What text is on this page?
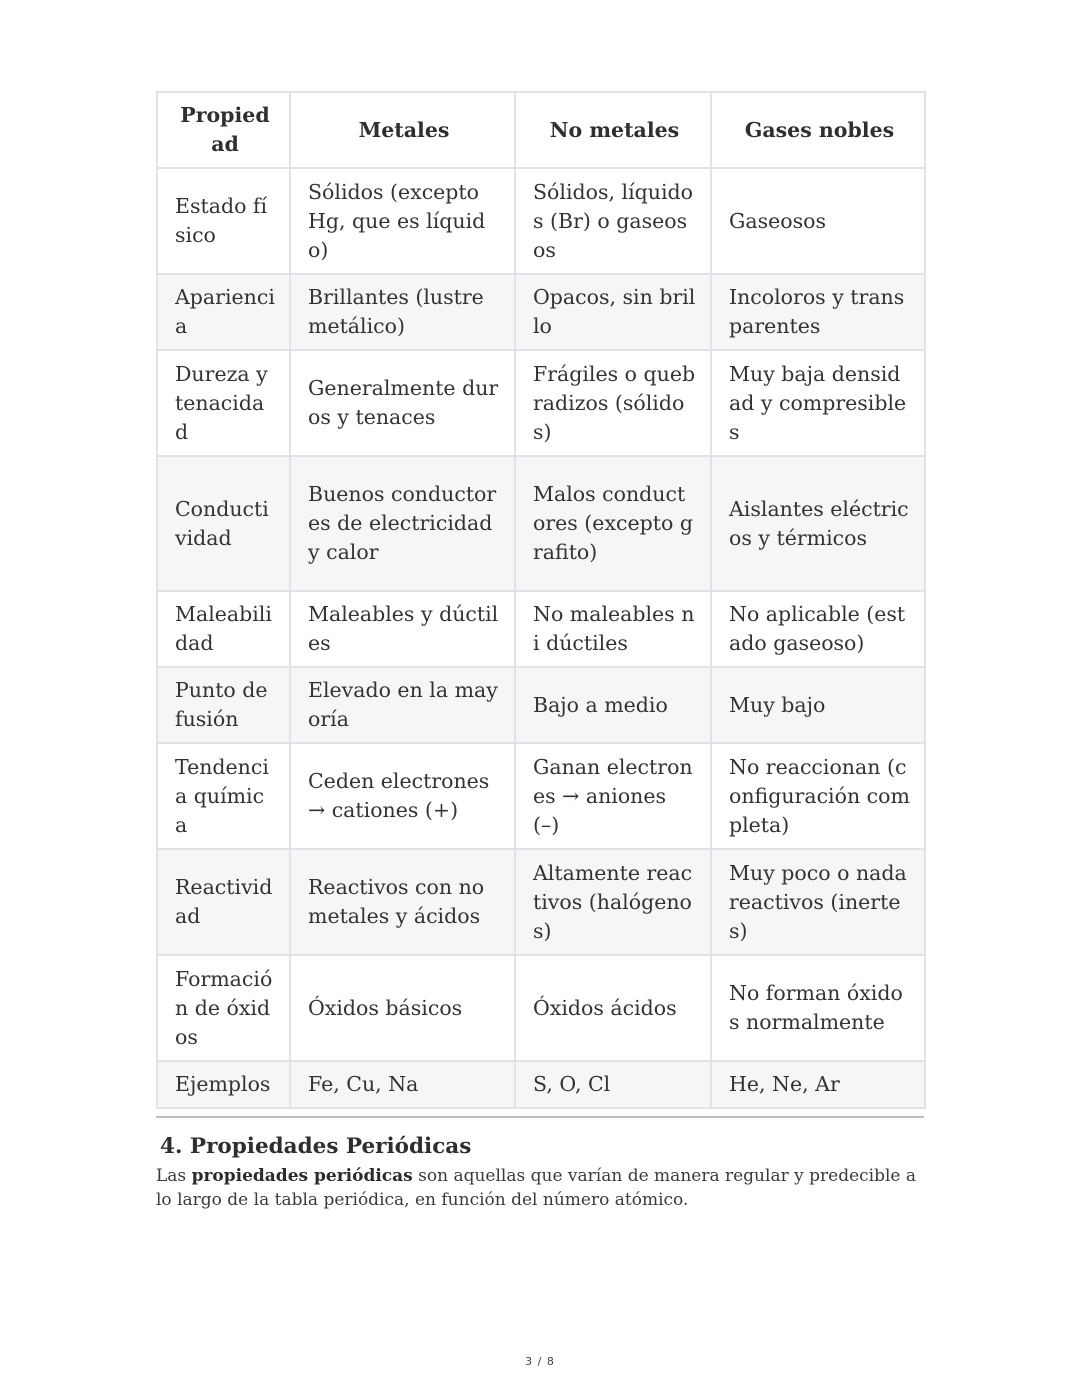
Propiedad	Metales	No metales	Gases nobles
Estado físico	Sólidos (excepto Hg, que es líquido)	Sólidos, líquidos (Br) o gaseosos	Gaseosos
Apariencia	Brillantes (lustre metálico)	Opacos, sin brillo	Incoloros y transparentes
Dureza y tenacidad	Generalmente duros y tenaces	Frágiles o quebradizos (sólidos)	Muy baja densidad y compresibles
Conductividad	Buenos conductores de electricidad y calor	Malos conductores (excepto grafito)	Aislantes eléctricos y térmicos
Maleabilidad	Maleables y dúctiles	No maleables ni dúctiles	No aplicable (estado gaseoso)
Punto de fusión	Elevado en la mayoría	Bajo a medio	Muy bajo
Tendencia química	Ceden electrones → cationes (+)	Ganan electrones → aniones (–)	No reaccionan (configuración completa)
Reactividad	Reactivos con no metales y ácidos	Altamente reactivos (halógenos)	Muy poco o nada reactivos (inertes)
Formación de óxidos	Óxidos básicos	Óxidos ácidos	No forman óxidos normalmente
Ejemplos	Fe, Cu, Na	S, O, Cl	He, Ne, Ar
4. Propiedades Periódicas

Las propiedades periódicas son aquellas que varían de manera regular y predecible a lo largo de la tabla periódica, en función del número atómico.

3 / 8
